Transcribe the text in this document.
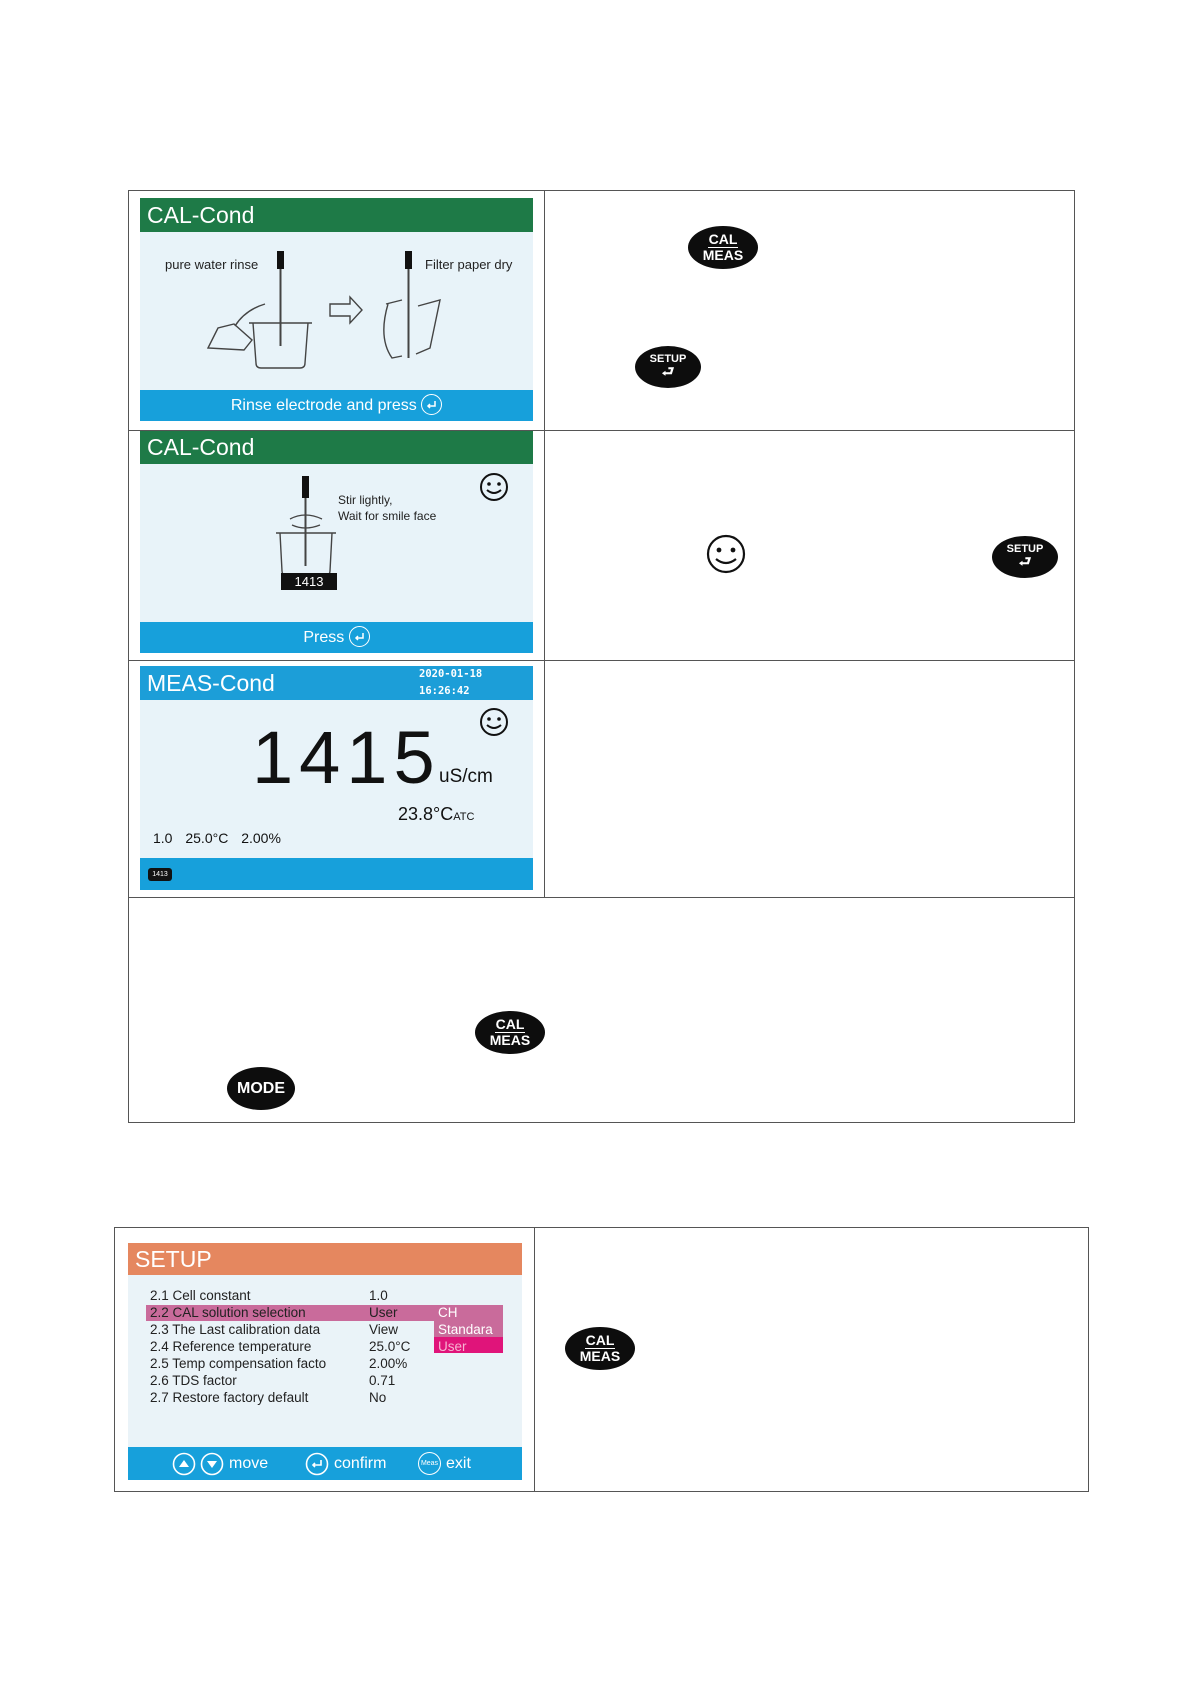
CAL-Cond
pure water rinse	Filter paper dry
Rinse electrode and press
CAL
MEAS
SETUP
⮐
CAL-Cond
Stir lightly,
Wait for smile face
1413
Press
SETUP
⮐
MEAS-Cond	2020-01-18
16:26:42
1415
uS/cm
23.8°CATC
1.0 25.0°C 2.00%
1413
CAL
MEAS
MODE
SETUP
2.1 Cell constant	1.0
2.2 CAL solution selection	User
2.3 The Last calibration data	View
2.4 Reference temperature	25.0°C
2.5 Temp compensation facto	2.00%
2.6 TDS factor	0.71
2.7 Restore factory default	No
CH
Standara
User
move	confirm	Meas exit
CAL
MEAS
